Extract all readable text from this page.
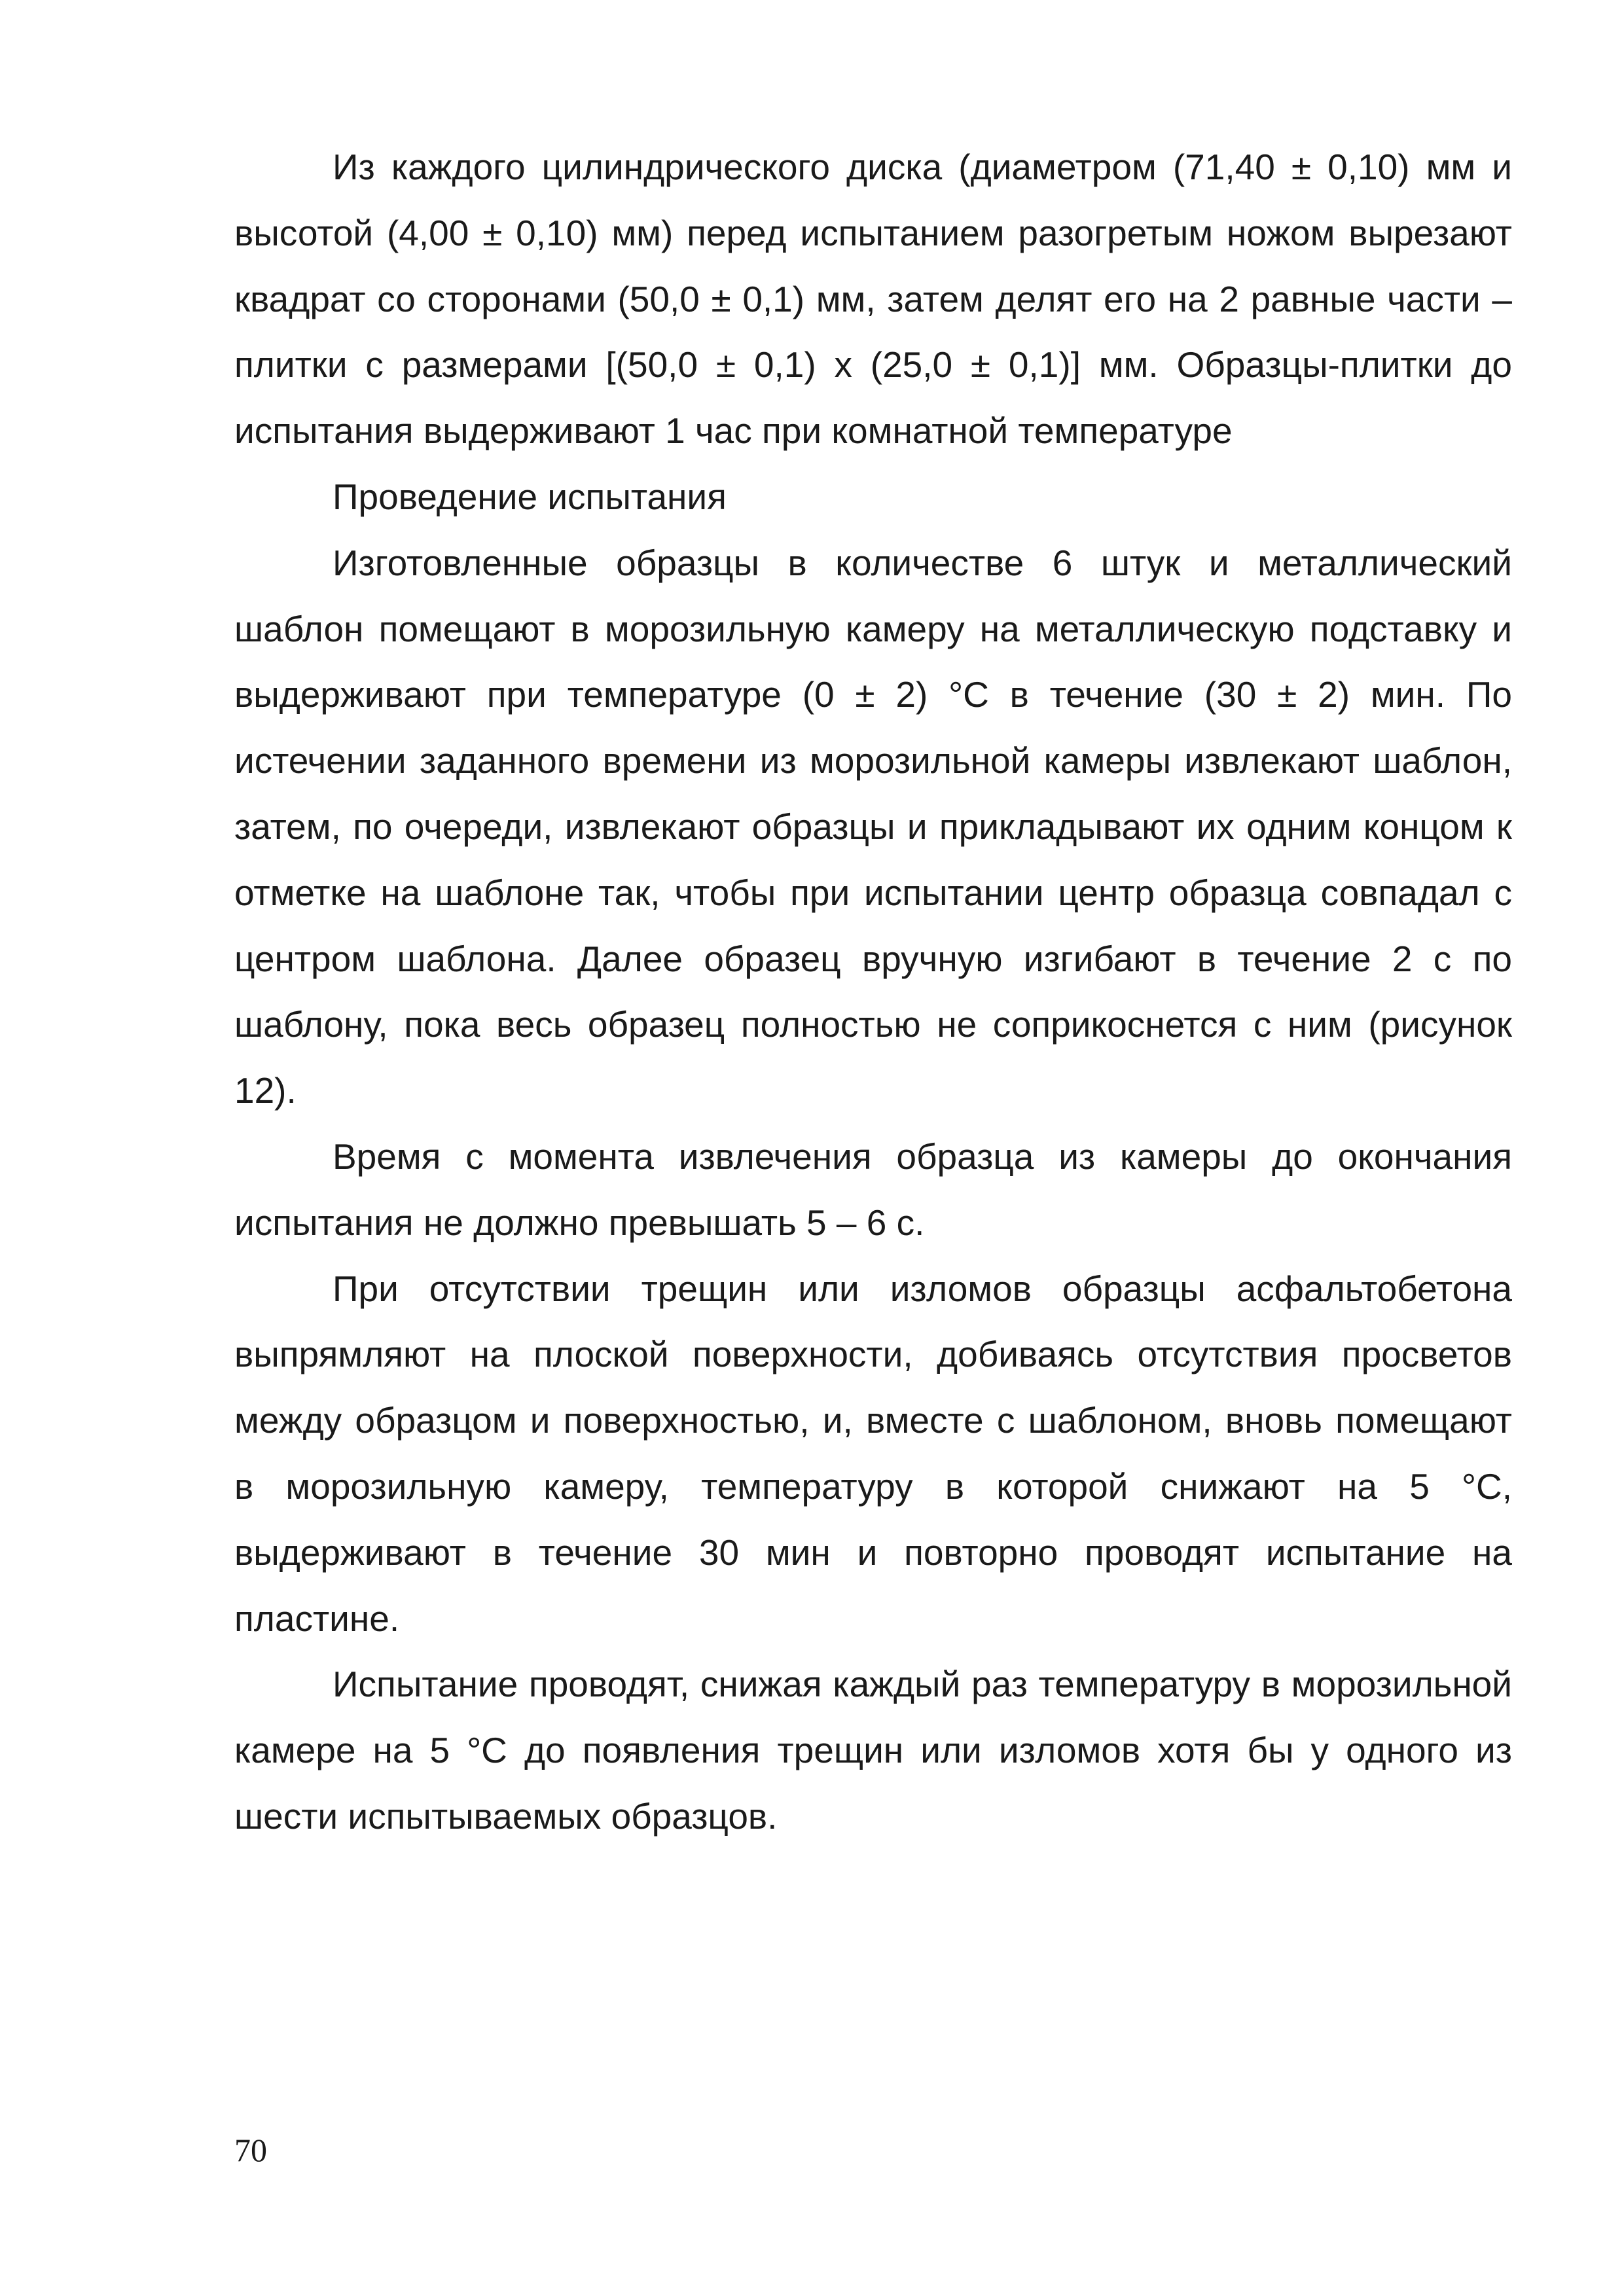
Из каждого цилиндрического диска (диаметром (71,40 ± 0,10) мм и высотой (4,00 ± 0,10) мм) перед испытанием разогретым ножом вырезают квадрат со сторонами (50,0 ± 0,1) мм, затем делят его на 2 равные части – плитки с размерами [(50,0 ± 0,1) х (25,0 ± 0,1)] мм. Образцы-плитки до испытания выдерживают 1 час при комнатной температуре

Проведение испытания

Изготовленные образцы в количестве 6 штук и металлический шаблон помещают в морозильную камеру на металлическую подставку и выдерживают при температуре (0 ± 2) °С в течение (30 ± 2) мин. По истечении заданного времени из морозильной камеры извлекают шаблон, затем, по очереди, извлекают образцы и прикладывают их одним концом к отметке на шаблоне так, чтобы при испытании центр образца совпадал с центром шаблона. Далее образец вручную изгибают в течение 2 с по шаблону, пока весь образец полностью не соприкоснется с ним (рисунок 12).

Время с момента извлечения образца из камеры до окончания испытания не должно превышать 5 – 6 с.

При отсутствии трещин или изломов образцы асфальтобетона выпрямляют на плоской поверхности, добиваясь отсутствия просветов между образцом и поверхностью, и, вместе с шаблоном, вновь помещают в морозильную камеру, температуру в которой снижают на 5 °С, выдерживают в течение 30 мин и повторно проводят испытание на пластине.

Испытание проводят, снижая каждый раз температуру в морозильной камере на 5 °С до появления трещин или изломов хотя бы у одного из шести испытываемых образцов.

70
